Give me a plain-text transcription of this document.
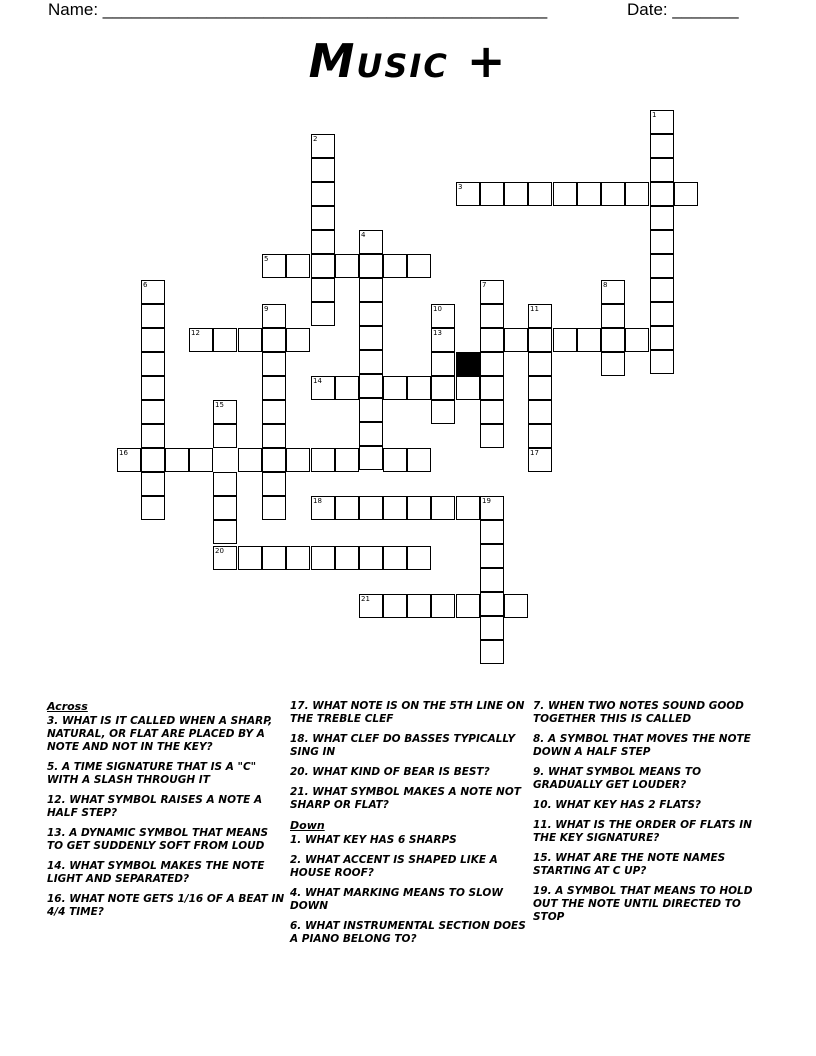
Name: _______________________________________________	Date: _______
Music +
1
2
3
4
5
6	7	8
9	10
13
11
17
12
14
15
16
18	19
20
21
Across
3. WHAT IS IT CALLED WHEN A SHARP, NATURAL, OR FLAT ARE PLACED BY A NOTE AND NOT IN THE KEY?
5. A TIME SIGNATURE THAT IS A "C" WITH A SLASH THROUGH IT
12. WHAT SYMBOL RAISES A NOTE A HALF STEP?
13. A DYNAMIC SYMBOL THAT MEANS TO GET SUDDENLY SOFT FROM LOUD
14. WHAT SYMBOL MAKES THE NOTE LIGHT AND SEPARATED?
16. WHAT NOTE GETS 1/16 OF A BEAT IN 4/4 TIME?
17. WHAT NOTE IS ON THE 5TH LINE ON THE TREBLE CLEF
18. WHAT CLEF DO BASSES TYPICALLY SING IN
20. WHAT KIND OF BEAR IS BEST?
21. WHAT SYMBOL MAKES A NOTE NOT SHARP OR FLAT?
Down
1. WHAT KEY HAS 6 SHARPS
2. WHAT ACCENT IS SHAPED LIKE A HOUSE ROOF?
4. WHAT MARKING MEANS TO SLOW DOWN
6. WHAT INSTRUMENTAL SECTION DOES A PIANO BELONG TO?
7. WHEN TWO NOTES SOUND GOOD TOGETHER THIS IS CALLED
8. A SYMBOL THAT MOVES THE NOTE DOWN A HALF STEP
9. WHAT SYMBOL MEANS TO GRADUALLY GET LOUDER?
10. WHAT KEY HAS 2 FLATS?
11. WHAT IS THE ORDER OF FLATS IN THE KEY SIGNATURE?
15. WHAT ARE THE NOTE NAMES STARTING AT C UP?
19. A SYMBOL THAT MEANS TO HOLD OUT THE NOTE UNTIL DIRECTED TO STOP
